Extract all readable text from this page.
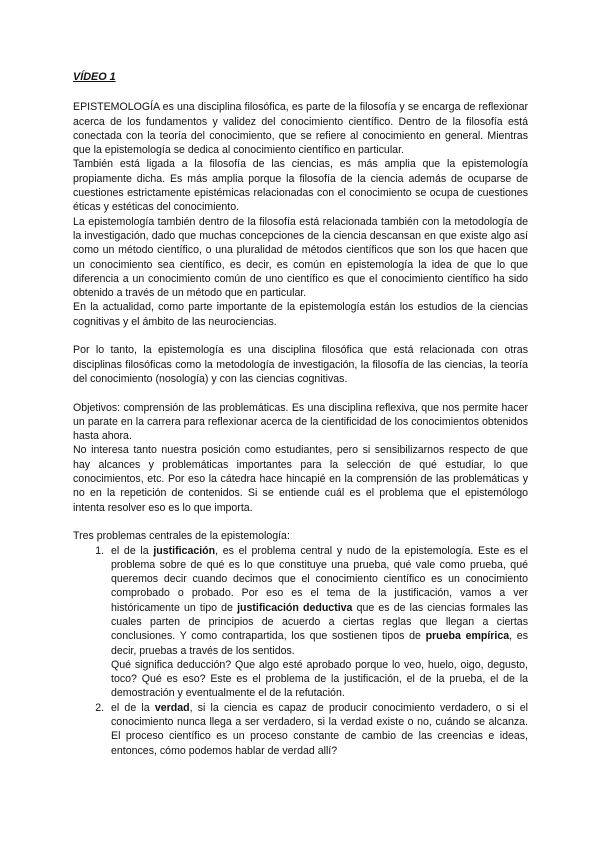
VÍDEO 1

EPISTEMOLOGÍA es una disciplina filosófica, es parte de la filosofía y se encarga de reflexionar acerca de los fundamentos y validez del conocimiento científico. Dentro de la filosofía está conectada con la teoría del conocimiento, que se refiere al conocimiento en general. Mientras que la epistemología se dedica al conocimiento científico en particular.

También está ligada a la filosofía de las ciencias, es más amplia que la epistemología propiamente dicha. Es más amplia porque la filosofía de la ciencia además de ocuparse de cuestiones estrictamente epistémicas relacionadas con el conocimiento se ocupa de cuestiones éticas y estéticas del conocimiento.

La epistemología también dentro de la filosofía está relacionada también con la metodología de la investigación, dado que muchas concepciones de la ciencia descansan en que existe algo así como un método científico, o una pluralidad de métodos científicos que son los que hacen que un conocimiento sea científico, es decir, es común en epistemología la idea de que lo que diferencia a un conocimiento común de uno científico es que el conocimiento científico ha sido obtenido a través de un método que en particular.

En la actualidad, como parte importante de la epistemología están los estudios de la ciencias cognitivas y el ámbito de las neurociencias.

Por lo tanto, la epistemología es una disciplina filosófica que está relacionada con otras disciplinas filosóficas como la metodología de investigación, la filosofía de las ciencias, la teoría del conocimiento (nosología) y con las ciencias cognitivas.

Objetivos: comprensión de las problemáticas. Es una disciplina reflexiva, que nos permite hacer un parate en la carrera para reflexionar acerca de la cientificidad de los conocimientos obtenidos hasta ahora.

No interesa tanto nuestra posición como estudiantes, pero si sensibilizarnos respecto de que hay alcances y problemáticas importantes para la selección de qué estudiar, lo que conocimientos, etc. Por eso la cátedra hace hincapié en la comprensión de las problemáticas y no en la repetición de contenidos. Si se entiende cuál es el problema que el epistemólogo intenta resolver eso es lo que importa.

Tres problemas centrales de la epistemología:

1. el de la justificación, es el problema central y nudo de la epistemología. Este es el problema sobre de qué es lo que constituye una prueba, qué vale como prueba, qué queremos decir cuando decimos que el conocimiento científico es un conocimiento comprobado o probado. Por eso es el tema de la justificación, vamos a ver históricamente un tipo de justificación deductiva que es de las ciencias formales las cuales parten de principios de acuerdo a ciertas reglas que llegan a ciertas conclusiones. Y como contrapartida, los que sostienen tipos de prueba empírica, es decir, pruebas a través de los sentidos.

Qué significa deducción? Que algo esté aprobado porque lo veo, huelo, oigo, degusto, toco? Qué es eso? Este es el problema de la justificación, el de la prueba, el de la demostración y eventualmente el de la refutación.

2. el de la verdad, si la ciencia es capaz de producir conocimiento verdadero, o si el conocimiento nunca llega a ser verdadero, si la verdad existe o no, cuándo se alcanza. El proceso científico es un proceso constante de cambio de las creencias e ideas, entonces, cómo podemos hablar de verdad allí?
